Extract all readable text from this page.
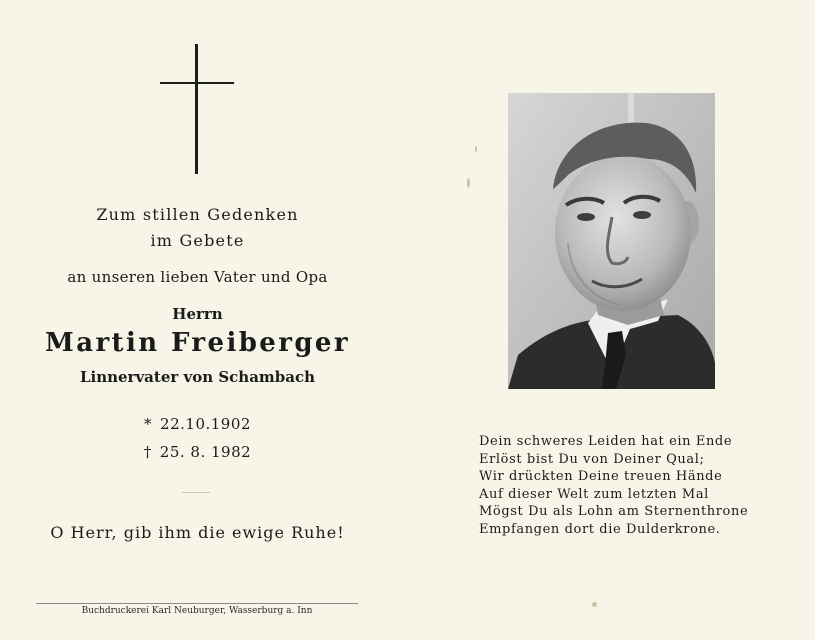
Zum stillen Gedenken
im Gebete
an unseren lieben Vater und Opa
Herrn
Martin Freiberger
Linnervater von Schambach
* 22.10.1902
† 25. 8. 1982
O Herr, gib ihm die ewige Ruhe!
Buchdruckerei Karl Neuburger, Wasserburg a. Inn
Dein schweres Leiden hat ein Ende
Erlöst bist Du von Deiner Qual;
Wir drückten Deine treuen Hände
Auf dieser Welt zum letzten Mal
Mögst Du als Lohn am Sternenthrone
Empfangen dort die Dulderkrone.
